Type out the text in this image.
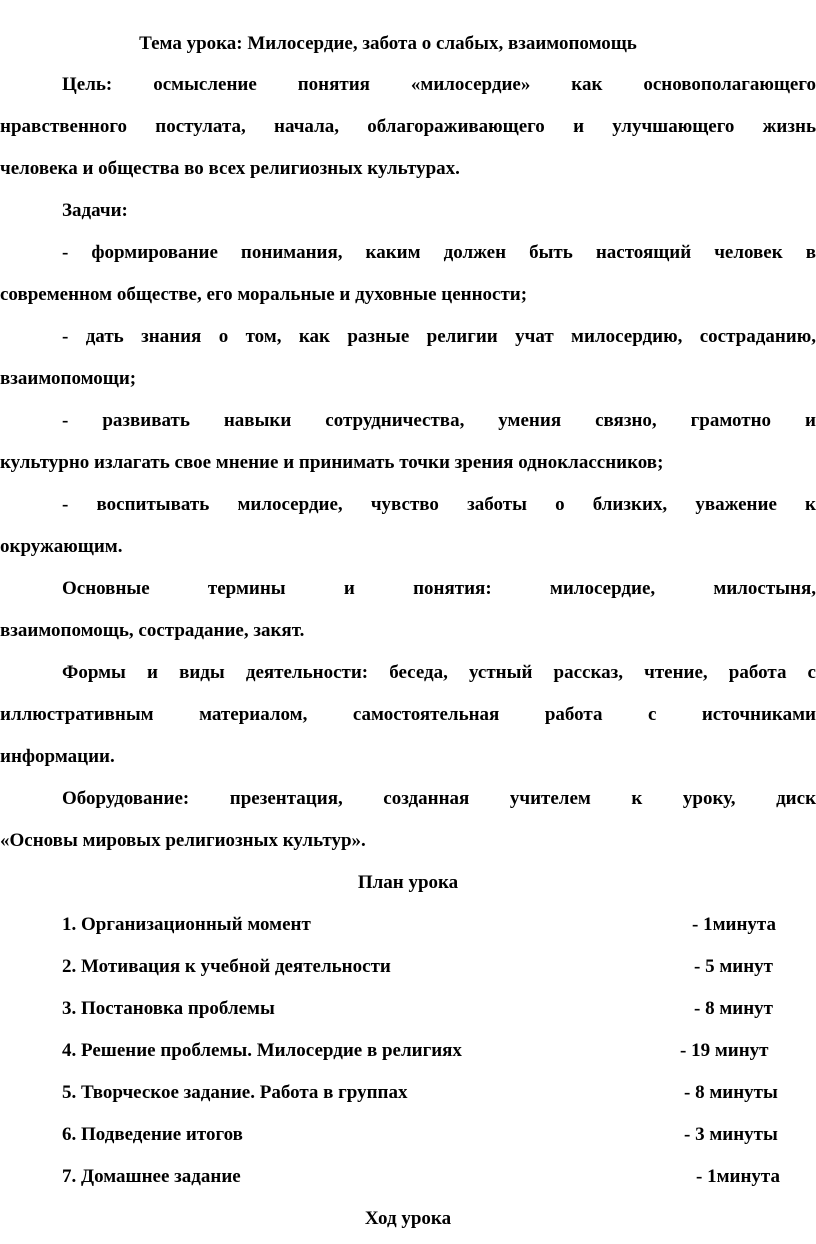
Тема урока: Милосердие, забота о слабых, взаимопомощь
Цель: осмысление понятия «милосердие» как основополагающего
нравственного постулата, начала, облагораживающего и улучшающего жизнь
человека и общества во всех религиозных культурах.
Задачи:
- формирование понимания, каким должен быть настоящий человек в
современном обществе, его моральные и духовные ценности;
- дать знания о том, как разные религии учат милосердию, состраданию,
взаимопомощи;
- развивать навыки сотрудничества, умения связно, грамотно и
культурно излагать свое мнение и принимать точки зрения одноклассников;
- воспитывать милосердие, чувство заботы о близких, уважение к
окружающим.
Основные термины и понятия:	милосердие, милостыня,
взаимопомощь, сострадание, закят.
Формы и виды деятельности: беседа, устный рассказ, чтение, работа с
иллюстративным материалом, самостоятельная работа с источниками
информации.
Оборудование: презентация, созданная учителем к уроку, диск
«Основы мировых религиозных культур».
План урока
1. Организационный момент	- 1минута
2. Мотивация к учебной деятельности	- 5 минут
3. Постановка проблемы	- 8 минут
4. Решение проблемы. Милосердие в религиях	- 19 минут
5. Творческое задание. Работа в группах	- 8 минуты
6. Подведение итогов	- 3 минуты
7. Домашнее задание	- 1минута
Ход урока
